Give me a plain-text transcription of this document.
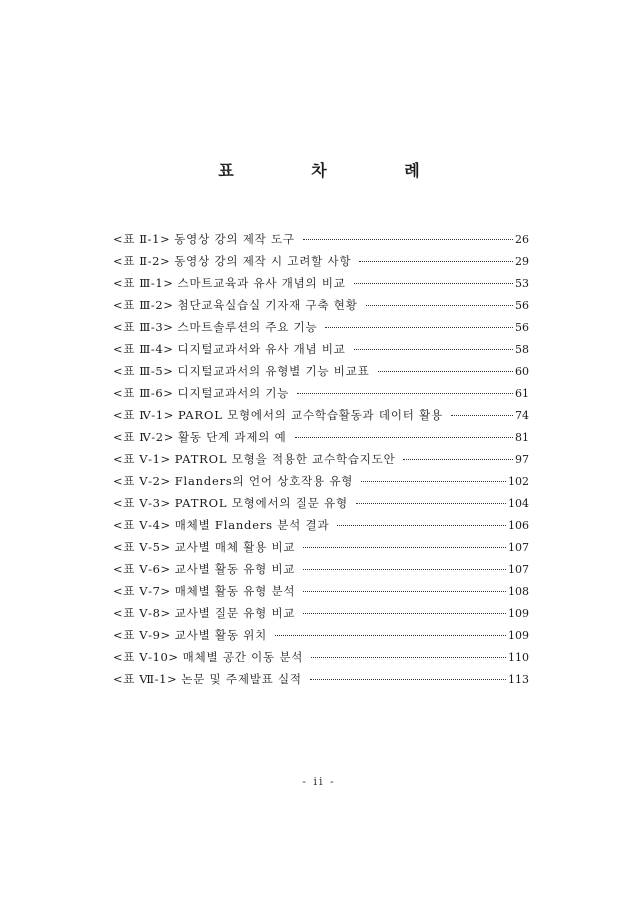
표 차 례
<표 Ⅱ-1> 동영상 강의 제작 도구	26
<표 Ⅱ-2> 동영상 강의 제작 시 고려할 사항	29
<표 Ⅲ-1> 스마트교육과 유사 개념의 비교	53
<표 Ⅲ-2> 첨단교육실습실 기자재 구축 현황	56
<표 Ⅲ-3> 스마트솔루션의 주요 기능	56
<표 Ⅲ-4> 디지털교과서와 유사 개념 비교	58
<표 Ⅲ-5> 디지털교과서의 유형별 기능 비교표	60
<표 Ⅲ-6> 디지털교과서의 기능	61
<표 Ⅳ-1> PAROL 모형에서의 교수학습활동과 데이터 활용	74
<표 Ⅳ-2> 활동 단계 과제의 예	81
<표 Ⅴ-1> PATROL 모형을 적용한 교수학습지도안	97
<표 Ⅴ-2> Flanders의 언어 상호작용 유형	102
<표 Ⅴ-3> PATROL 모형에서의 질문 유형	104
<표 Ⅴ-4> 매체별 Flanders 분석 결과	106
<표 Ⅴ-5> 교사별 매체 활용 비교	107
<표 Ⅴ-6> 교사별 활동 유형 비교	107
<표 Ⅴ-7> 매체별 활동 유형 분석	108
<표 Ⅴ-8> 교사별 질문 유형 비교	109
<표 Ⅴ-9> 교사별 활동 위치	109
<표 Ⅴ-10> 매체별 공간 이동 분석	110
<표 Ⅶ-1> 논문 및 주제발표 실적	113
- ii -
